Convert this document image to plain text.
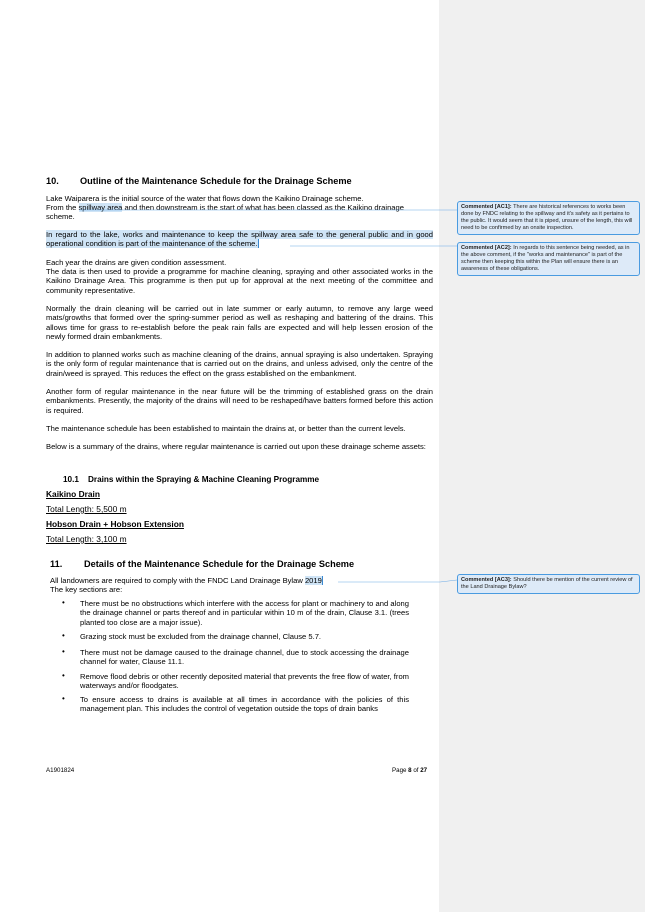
10. Outline of the Maintenance Schedule for the Drainage Scheme
Lake Waiparera is the initial source of the water that flows down the Kaikino Drainage scheme.
From the spillway area and then downstream is the start of what has been classed as the Kaikino drainage
scheme.
In regard to the lake, works and maintenance to keep the spillway area safe to the general public and in good operational condition is part of the maintenance of the scheme.
Each year the drains are given condition assessment.
The data is then used to provide a programme for machine cleaning, spraying and other associated works in the Kaikino Drainage Area. This programme is then put up for approval at the next meeting of the committee and community representative.
Normally the drain cleaning will be carried out in late summer or early autumn, to remove any large weed mats/growths that formed over the spring-summer period as well as reshaping and battering of the drains. This allows time for grass to re-establish before the peak rain falls are expected and will help lessen erosion of the newly formed drain embankments.
In addition to planned works such as machine cleaning of the drains, annual spraying is also undertaken. Spraying is the only form of regular maintenance that is carried out on the drains, and unless advised, only the centre of the drain/weed is sprayed. This reduces the effect on the grass established on the embankment.
Another form of regular maintenance in the near future will be the trimming of established grass on the drain embankments. Presently, the majority of the drains will need to be reshaped/have batters formed before this action is required.
The maintenance schedule has been established to maintain the drains at, or better than the current levels.
Below is a summary of the drains, where regular maintenance is carried out upon these drainage scheme assets:
10.1 Drains within the Spraying & Machine Cleaning Programme
Kaikino Drain
Total Length: 5,500 m
Hobson Drain + Hobson Extension
Total Length: 3,100 m
11. Details of the Maintenance Schedule for the Drainage Scheme
All landowners are required to comply with the FNDC Land Drainage Bylaw 2019
The key sections are:
• There must be no obstructions which interfere with the access for plant or machinery to and along the drainage channel or parts thereof and in particular within 10 m of the drain, Clause 3.1. (trees planted too close are a major issue).
• Grazing stock must be excluded from the drainage channel, Clause 5.7.
• There must not be damage caused to the drainage channel, due to stock accessing the drainage channel for water, Clause 11.1.
• Remove flood debris or other recently deposited material that prevents the free flow of water, from waterways and/or floodgates.
• To ensure access to drains is available at all times in accordance with the policies of this management plan. This includes the control of vegetation outside the tops of drain banks
A1901824	Page 8 of 27
Commented [AC1]: There are historical references to works been done by FNDC relating to the spillway and it's safety as it pertains to the public. It would seem that it is piped, unsure of the length, this will need to be confirmed by an onsite inspection.
Commented [AC2]: In regards to this sentence being needed, as in the above comment, if the "works and maintenance" is part of the scheme then keeping this within the Plan will ensure there is an awareness of these obligations.
Commented [AC3]: Should there be mention of the current review of the Land Drainage Bylaw?
